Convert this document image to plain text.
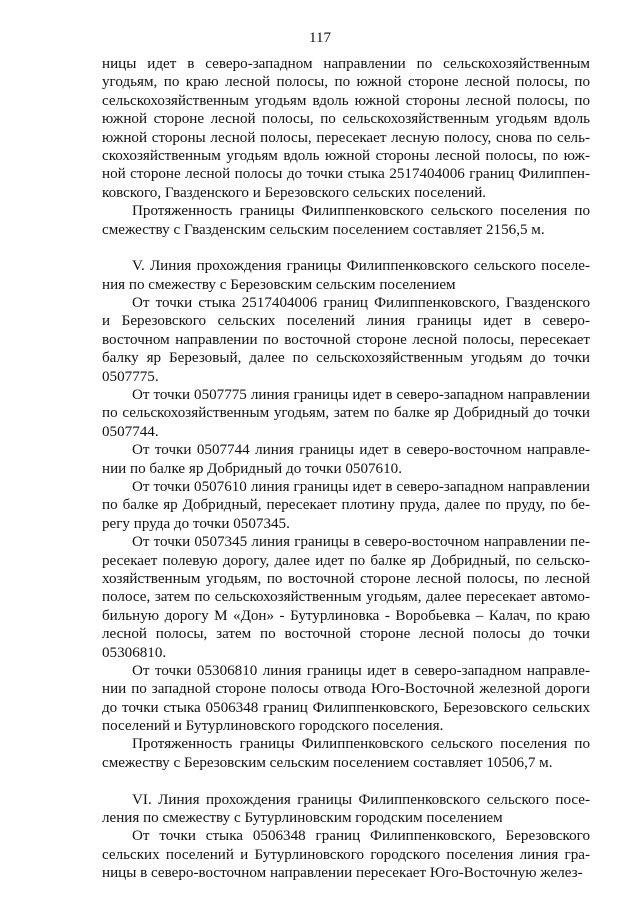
117
ницы идет в северо-западном направлении по сельскохозяйственным
угодьям, по краю лесной полосы, по южной стороне лесной полосы, по
сельскохозяйственным угодьям вдоль южной стороны лесной полосы, по
южной стороне лесной полосы, по сельскохозяйственным угодьям вдоль
южной стороны лесной полосы, пересекает лесную полосу, снова по сель-
скохозяйственным угодьям вдоль южной стороны лесной полосы, по юж-
ной стороне лесной полосы до точки стыка 2517404006 границ Филиппен-
ковского, Гвазденского и Березовского сельских поселений.
Протяженность границы Филиппенковского сельского поселения по
смежеству с Гвазденским сельским поселением составляет 2156,5 м.
V. Линия прохождения границы Филиппенковского сельского поселе-
ния по смежеству с Березовским сельским поселением
От точки стыка 2517404006 границ Филиппенковского, Гвазденского
и Березовского сельских поселений линия границы идет в северо-
восточном направлении по восточной стороне лесной полосы, пересекает
балку яр Березовый, далее по сельскохозяйственным угодьям до точки
0507775.
От точки 0507775 линия границы идет в северо-западном направлении
по сельскохозяйственным угодьям, затем по балке яр Добридный до точки
0507744.
От точки 0507744 линия границы идет в северо-восточном направле-
нии по балке яр Добридный до точки 0507610.
От точки 0507610 линия границы идет в северо-западном направлении
по балке яр Добридный, пересекает плотину пруда, далее по пруду, по бе-
регу пруда до точки 0507345.
От точки 0507345 линия границы в северо-восточном направлении пе-
ресекает полевую дорогу, далее идет по балке яр Добридный, по сельско-
хозяйственным угодьям, по восточной стороне лесной полосы, по лесной
полосе, затем по сельскохозяйственным угодьям, далее пересекает автомо-
бильную дорогу М «Дон» - Бутурлиновка - Воробьевка – Калач, по краю
лесной полосы, затем по восточной стороне лесной полосы до точки
05306810.
От точки 05306810 линия границы идет в северо-западном направле-
нии по западной стороне полосы отвода Юго-Восточной железной дороги
до точки стыка 0506348 границ Филиппенковского, Березовского сельских
поселений и Бутурлиновского городского поселения.
Протяженность границы Филиппенковского сельского поселения по
смежеству с Березовским сельским поселением составляет 10506,7 м.
VI. Линия прохождения границы Филиппенковского сельского посе-
ления по смежеству с Бутурлиновским городским поселением
От точки стыка 0506348 границ Филиппенковского, Березовского
сельских поселений и Бутурлиновского городского поселения линия гра-
ницы в северо-восточном направлении пересекает Юго-Восточную желез-
